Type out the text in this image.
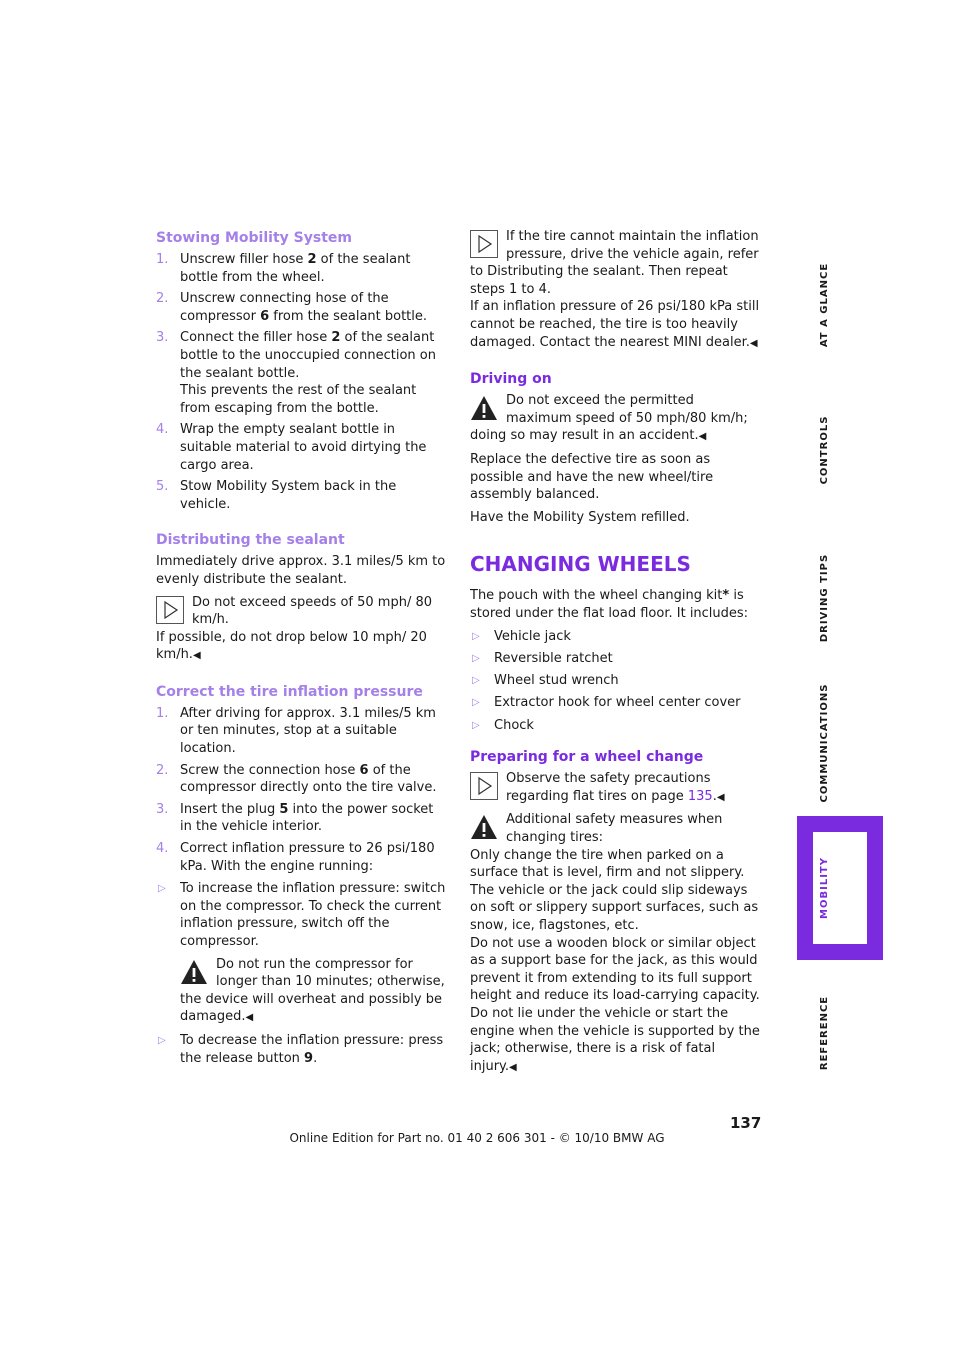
Stowing Mobility System
1. Unscrew filler hose 2 of the sealant bottle from the wheel.
2. Unscrew connecting hose of the compressor 6 from the sealant bottle.
3. Connect the filler hose 2 of the sealant bottle to the unoccupied connection on the sealant bottle.
This prevents the rest of the sealant from escaping from the bottle.
4. Wrap the empty sealant bottle in suitable material to avoid dirtying the cargo area.
5. Stow Mobility System back in the vehicle.
Distributing the sealant

Immediately drive approx. 3.1 miles/5 km to evenly distribute the sealant.

Do not exceed speeds of 50 mph/ 80 km/h.
If possible, do not drop below 10 mph/ 20 km/h.◀
Correct the tire inflation pressure
1. After driving for approx. 3.1 miles/5 km or ten minutes, stop at a suitable location.
2. Screw the connection hose 6 of the compressor directly onto the tire valve.
3. Insert the plug 5 into the power socket in the vehicle interior.
4. Correct inflation pressure to 26 psi/180 kPa. With the engine running:
▷ To increase the inflation pressure: switch on the compressor. To check the current inflation pressure, switch off the compressor.
Do not run the compressor for longer than 10 minutes; otherwise, the device will overheat and possibly be damaged.◀
▷ To decrease the inflation pressure: press the release button 9.
If the tire cannot maintain the inflation pressure, drive the vehicle again, refer to Distributing the sealant. Then repeat steps 1 to 4.
If an inflation pressure of 26 psi/180 kPa still cannot be reached, the tire is too heavily damaged. Contact the nearest MINI dealer.◀
Driving on
Do not exceed the permitted maximum speed of 50 mph/80 km/h; doing so may result in an accident.◀

Replace the defective tire as soon as possible and have the new wheel/tire assembly balanced.

Have the Mobility System refilled.

CHANGING WHEELS

The pouch with the wheel changing kit* is stored under the flat load floor. It includes:

▷ Vehicle jack
▷ Reversible ratchet
▷ Wheel stud wrench
▷ Extractor hook for wheel center cover
▷ Chock
Preparing for a wheel change
Observe the safety precautions regarding flat tires on page 135.◀
Additional safety measures when changing tires:
Only change the tire when parked on a surface that is level, firm and not slippery.
The vehicle or the jack could slip sideways on soft or slippery support surfaces, such as snow, ice, flagstones, etc.
Do not use a wooden block or similar object as a support base for the jack, as this would prevent it from extending to its full support height and reduce its load-carrying capacity.
Do not lie under the vehicle or start the engine when the vehicle is supported by the jack; otherwise, there is a risk of fatal injury.◀
AT A GLANCE
CONTROLS
DRIVING TIPS
COMMUNICATIONS
MOBILITY
REFERENCE
137
Online Edition for Part no. 01 40 2 606 301 - © 10/10 BMW AG
